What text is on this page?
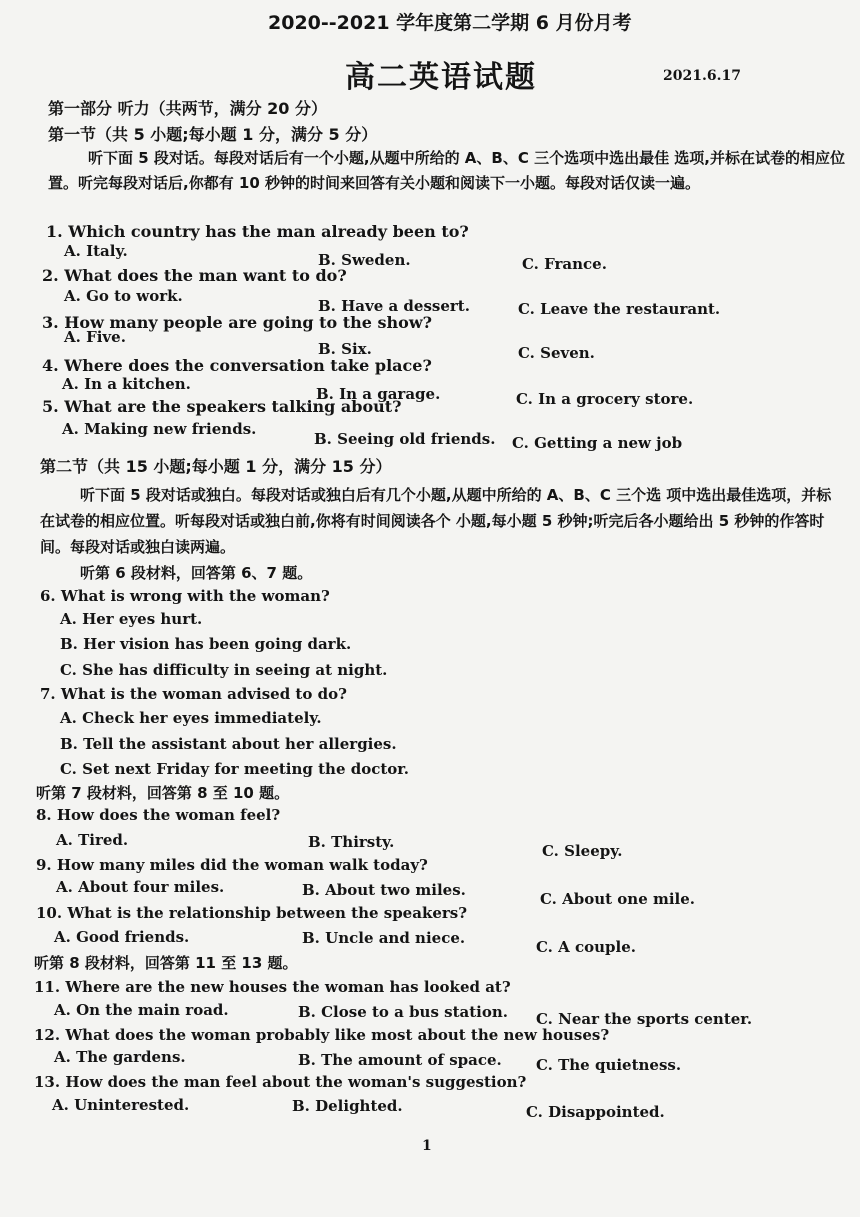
2020--2021 学年度第二学期 6 月份月考
高二英语试题	2021.6.17
第一部分 听力（共两节，满分 20 分）
第一节（共 5 小题;每小题 1 分，满分 5 分）
听下面 5 段对话。每段对话后有一个小题,从题中所给的 A、B、C 三个选项中选出最佳 选项,并标在试卷的相应位置。听完每段对话后,你都有 10 秒钟的时间来回答有关小题和阅读下一小题。每段对话仅读一遍。
1. Which country has the man already been to?
A. Italy.	B. Sweden.	C. France.
2. What does the man want to do?
A. Go to work.
B. Have a dessert.	C. Leave the restaurant.
3. How many people are going to the show?
A. Five.
B. Six.	C. Seven.
4. Where does the conversation take place?
A. In a kitchen.
B. In a garage.	C. In a grocery store.
5. What are the speakers talking about?
A. Making new friends.
B. Seeing old friends. C. Getting a new job
第二节（共 15 小题;每小题 1 分，满分 15 分）
听下面 5 段对话或独白。每段对话或独白后有几个小题,从题中所给的 A、B、C 三个选 项中选出最佳选项，并标在试卷的相应位置。听每段对话或独白前,你将有时间阅读各个 小题,每小题 5 秒钟;听完后各小题给出 5 秒钟的作答时间。每段对话或独白读两遍。
听第 6 段材料，回答第 6、7 题。
6. What is wrong with the woman?
A. Her eyes hurt.
B. Her vision has been going dark.
C. She has difficulty in seeing at night.
7. What is the woman advised to do?
A. Check her eyes immediately.
B. Tell the assistant about her allergies.
C. Set next Friday for meeting the doctor.
听第 7 段材料，回答第 8 至 10 题。
8. How does the woman feel?
A. Tired.	B. Thirsty.	C. Sleepy.
9. How many miles did the woman walk today?
A. About four miles.	B. About two miles.	C. About one mile.
10. What is the relationship between the speakers?
A. Good friends.	B. Uncle and niece.	C. A couple.
听第 8 段材料，回答第 11 至 13 题。
11. Where are the new houses the woman has looked at?
A. On the main road.	B. Close to a bus station. C. Near the sports center.
12. What does the woman probably like most about the new houses?
A. The gardens.	B. The amount of space. C. The quietness.
13. How does the man feel about the woman's suggestion?
A. Uninterested.	B. Delighted.	C. Disappointed.
1
